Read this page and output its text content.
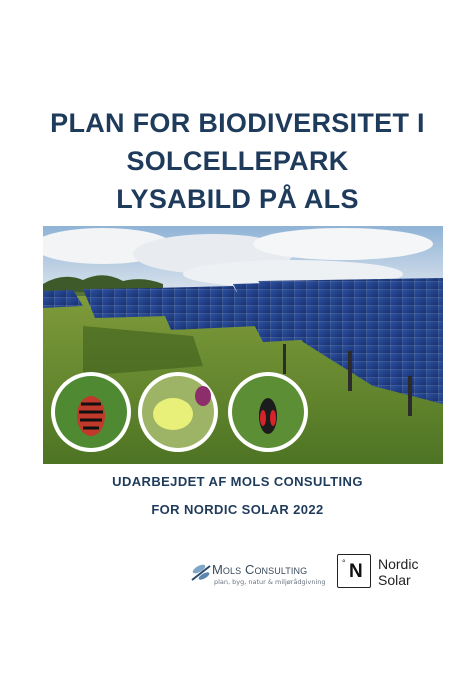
PLAN FOR BIODIVERSITET I
SOLCELLEPARK
LYSABILD PÅ ALS
UDARBEJDET AF MOLS CONSULTING
FOR NORDIC SOLAR 2022
Mols Consulting
plan, byg, natur & miljørådgivning
° N Nordic
Solar
